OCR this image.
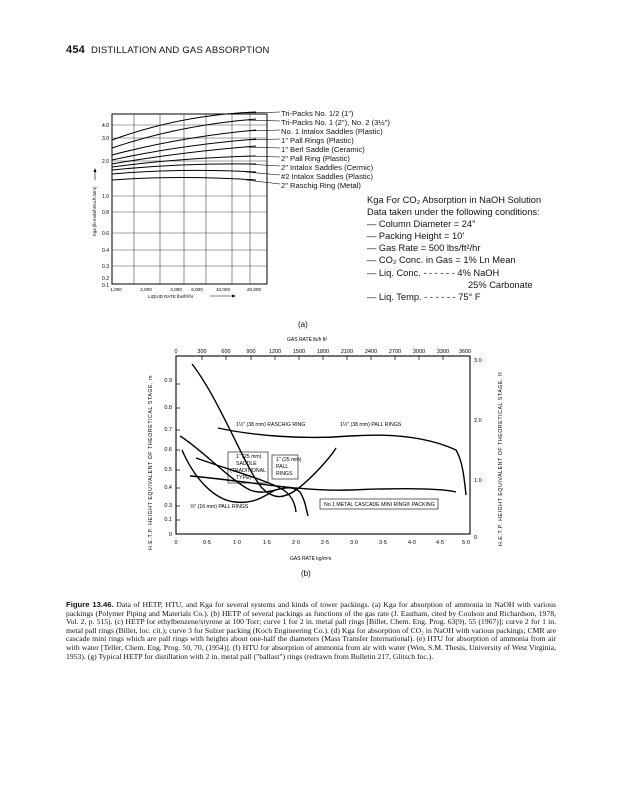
454 DISTILLATION AND GAS ABSORPTION
4.0
3.0
2.0
1.0
0.8
0.6
0.4
0.3
0.2
0.1
1,000	2,000	4,000 6,000	10,000	20,000
LIQUID RATE lbs/ft²/hr
Kga (lb-mols/hr/cu.ft./atm)
Tri-Packs No. 1/2 (1")
Tri-Packs No. 1 (2"), No. 2 (3½")
No. 1 Intalox Saddles (Plastic)
1" Pall Rings (Plastic)
1" Berl Saddle (Ceramic)
2" Pall Ring (Plastic)
2" Intalox Saddles (Cermic)
#2 Intalox Saddles (Plastic)
2" Raschig Ring (Metal)
Kga For CO₂ Absorption in NaOH Solution
Data taken under the following conditions:
— Column Diameter = 24"
— Packing Height = 10'
— Gas Rate = 500 lbs/ft²/hr
— CO₂ Conc. in Gas = 1% Ln Mean
— Liq. Conc. - - - - - - 4% NaOH
25% Carbonate
— Liq. Temp. - - - - - - 75° F
(a)
GAS RATE lb/h ft²
0	300	600	900 1200 1500 1800 2100 2400 2700 3000 3300 3600
0.9
0.8
0.7
0.6
0.5
0.4
0.3
0.1
0
3.0
2.0
1.0
0
0	0·5	1·0	1·5	2·0	2·5	3·0	3·5	4·0	4·5	5·0
GAS RATE kg/m²s
H.E.T.P. HEIGHT EQUIVALENT OF THEORETICAL STAGE, m	H.E.T.P. HEIGHT EQUIVALENT OF THEORETICAL STAGE, ft
1½" (38 mm) RASCHIG RING	1½" (38 mm) PALL RINGS
1" (25 mm)
SADDLE
(TRADITIONAL
TYPE)
1" (25 mm)
PALL
RINGS
⅝" (16 mm) PALL RINGS	No.1 METAL CASCADE MINI RING® PACKING
(b)
Figure 13.46. Data of HETP, HTU, and Kga for several systems and kinds of tower packings. (a) Kga for absorption of ammonia in NaOH with various packings (Polymer Piping and Materials Co.). (b) HETP of several packings as functions of the gas rate (J. Eastham, cited by Coulson and Richardson, 1978, Vol. 2, p. 515). (c) HETP for ethylbenzene/styrene at 100 Torr; curve 1 for 2 in. metal pall rings [Billet, Chem. Eng. Prog. 63(9), 55 (1967)]; curve 2 for 1 in. metal pall rings (Billet, loc. cit.); curve 3 for Sulzer packing (Koch Engineering Co.). (d) Kga for absorption of CO₂ in NaOH with various packings; CMR are cascade mini rings which are pall rings with heights about one-half the diameters (Mass Transfer International). (e) HTU for absorption of ammonia from air with water [Teller, Chem. Eng. Prog. 50, 70, (1954)]. (f) HTU for absorption of ammonia from air with water (Wen, S.M. Thesis, University of West Virginia, 1953). (g) Typical HETP for distillation with 2 in. metal pall ("ballast") rings (redrawn from Bulletin 217, Glitsch Inc.).
